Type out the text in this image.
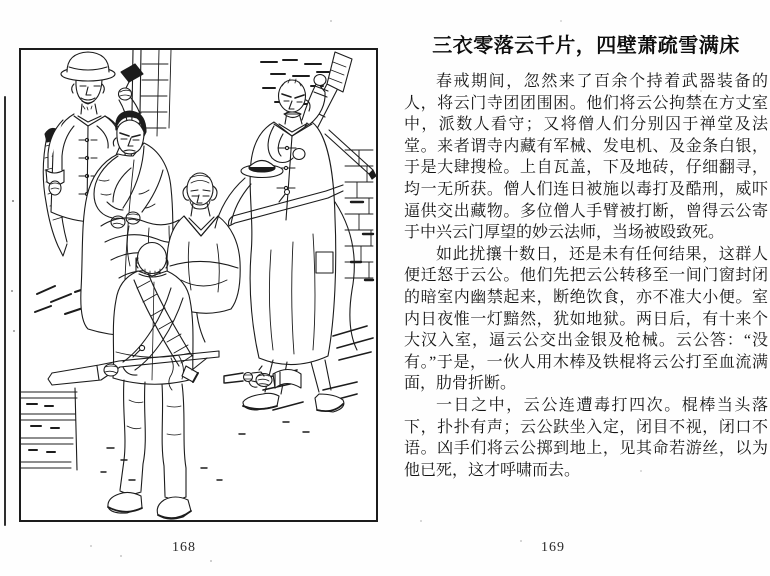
168
三衣零落云千片，四壁萧疏雪满床

春戒期间，忽然来了百余个持着武器装备的人，将云门寺团团围困。他们将云公拘禁在方丈室中，派数人看守；又将僧人们分别囚于禅堂及法堂。来者谓寺内藏有军械、发电机、及金条白银，于是大肆搜检。上自瓦盖，下及地砖，仔细翻寻，均一无所获。僧人们连日被施以毒打及酷刑，威吓逼供交出藏物。多位僧人手臂被打断，曾得云公寄于中兴云门厚望的妙云法师，当场被殴致死。

如此扰攘十数日，还是未有任何结果，这群人便迁怒于云公。他们先把云公转移至一间门窗封闭的暗室内幽禁起来，断绝饮食，亦不准大小便。室内日夜惟一灯黯然，犹如地狱。两日后，有十来个大汉入室，逼云公交出金银及枪械。云公答：“没有。”于是，一伙人用木棒及铁棍将云公打至血流满面，肋骨折断。

一日之中，云公连遭毒打四次。棍棒当头落下，扑扑有声；云公趺坐入定，闭目不视，闭口不语。凶手们将云公掷到地上，见其命若游丝，以为他已死，这才呼啸而去。

169
